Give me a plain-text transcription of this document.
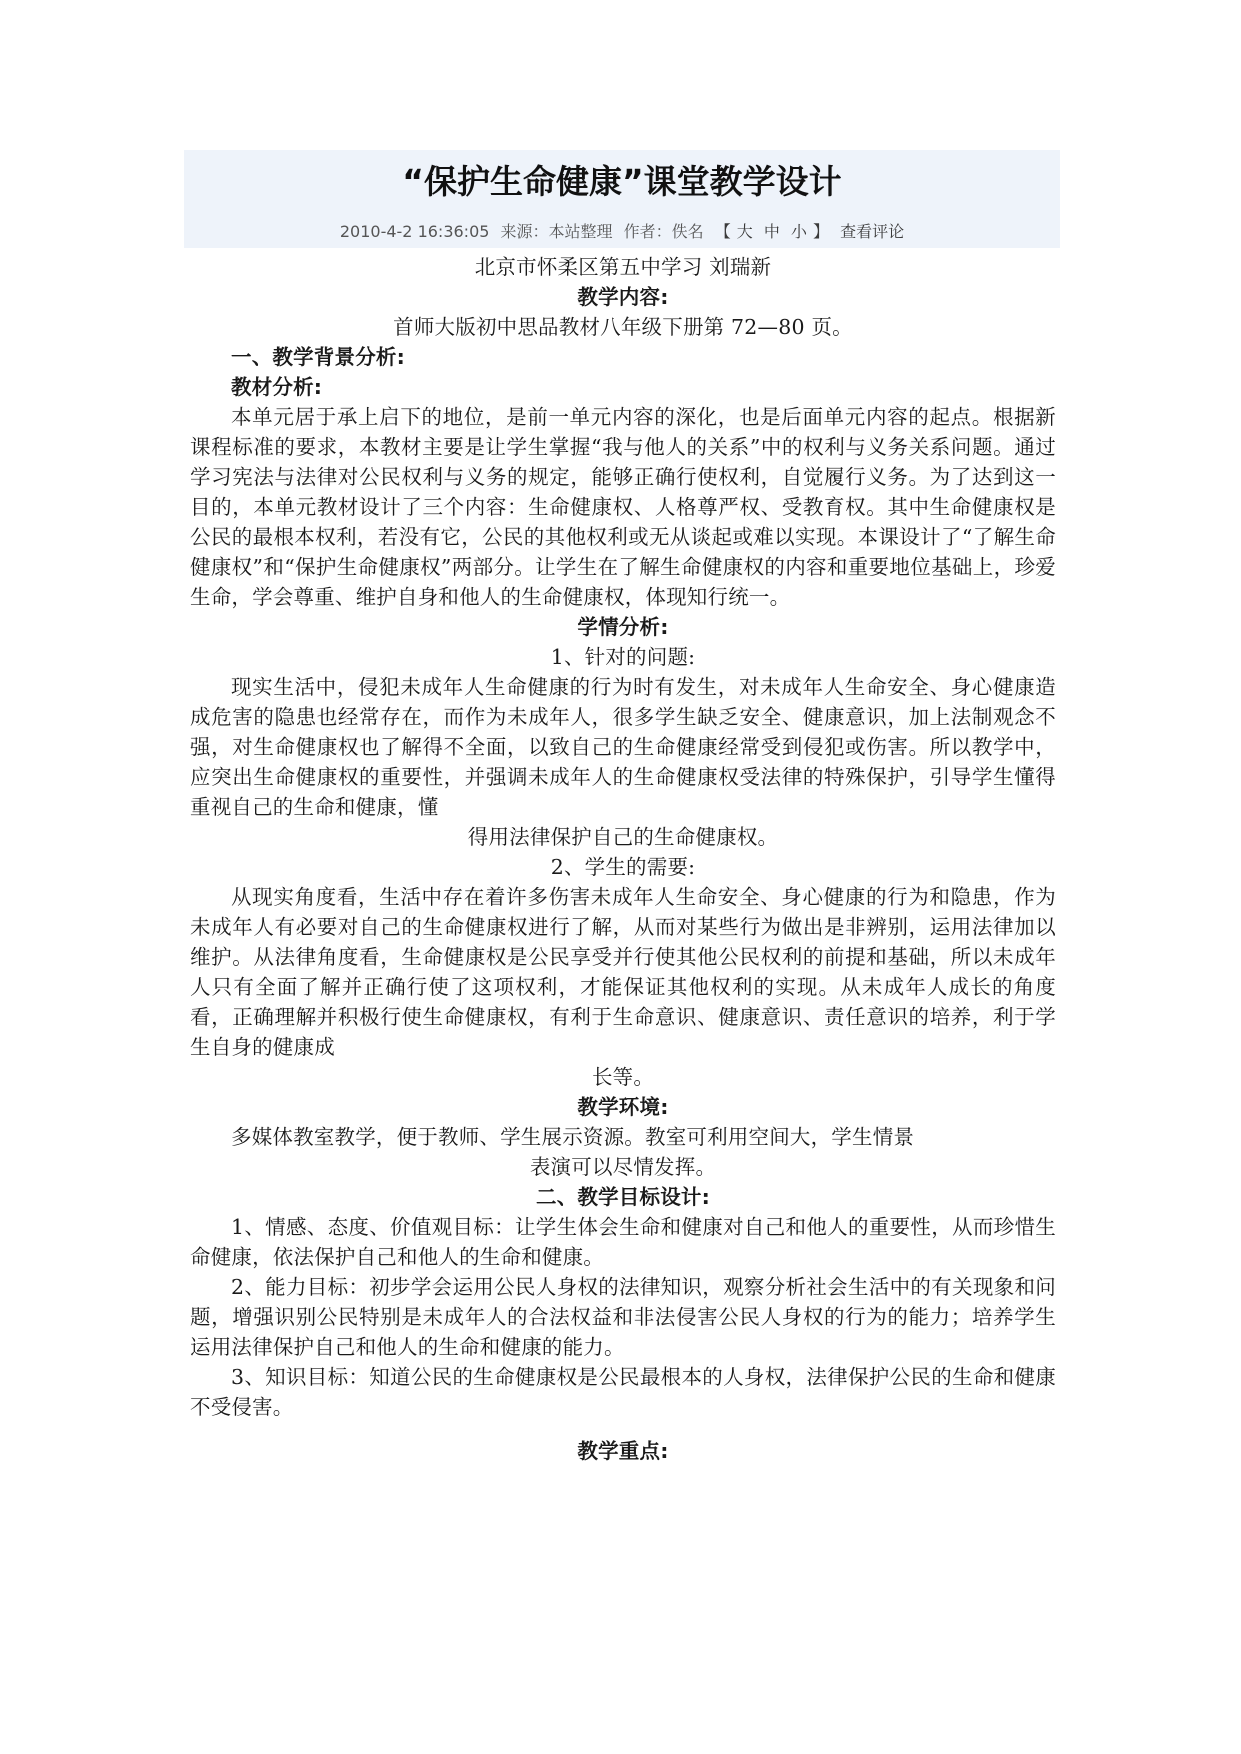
“保护生命健康”课堂教学设计
2010-4-2 16:36:05 来源：本站整理 作者：佚名 【 大 中 小 】 查看评论

北京市怀柔区第五中学习 刘瑞新

教学内容:

首师大版初中思品教材八年级下册第 72—80 页。

一、教学背景分析:

教材分析:

本单元居于承上启下的地位，是前一单元内容的深化，也是后面单元内容的起点。根据新课程标准的要求，本教材主要是让学生掌握“我与他人的关系”中的权利与义务关系问题。通过学习宪法与法律对公民权利与义务的规定，能够正确行使权利，自觉履行义务。为了达到这一目的，本单元教材设计了三个内容：生命健康权、人格尊严权、受教育权。其中生命健康权是公民的最根本权利，若没有它，公民的其他权利或无从谈起或难以实现。本课设计了“了解生命健康权”和“保护生命健康权”两部分。让学生在了解生命健康权的内容和重要地位基础上，珍爱生命，学会尊重、维护自身和他人的生命健康权，体现知行统一。

学情分析:

1、针对的问题:

现实生活中，侵犯未成年人生命健康的行为时有发生，对未成年人生命安全、身心健康造成危害的隐患也经常存在，而作为未成年人，很多学生缺乏安全、健康意识，加上法制观念不强，对生命健康权也了解得不全面，以致自己的生命健康经常受到侵犯或伤害。所以教学中，应突出生命健康权的重要性，并强调未成年人的生命健康权受法律的特殊保护，引导学生懂得重视自己的生命和健康，懂

得用法律保护自己的生命健康权。

2、学生的需要:

从现实角度看，生活中存在着许多伤害未成年人生命安全、身心健康的行为和隐患，作为未成年人有必要对自己的生命健康权进行了解，从而对某些行为做出是非辨别，运用法律加以维护。从法律角度看，生命健康权是公民享受并行使其他公民权利的前提和基础，所以未成年人只有全面了解并正确行使了这项权利，才能保证其他权利的实现。从未成年人成长的角度看，正确理解并积极行使生命健康权，有利于生命意识、健康意识、责任意识的培养，利于学生自身的健康成

长等。

教学环境:

多媒体教室教学，便于教师、学生展示资源。教室可利用空间大，学生情景

表演可以尽情发挥。

二、教学目标设计:

1、情感、态度、价值观目标：让学生体会生命和健康对自己和他人的重要性，从而珍惜生命健康，依法保护自己和他人的生命和健康。

2、能力目标：初步学会运用公民人身权的法律知识，观察分析社会生活中的有关现象和问题，增强识别公民特别是未成年人的合法权益和非法侵害公民人身权的行为的能力；培养学生运用法律保护自己和他人的生命和健康的能力。

3、知识目标：知道公民的生命健康权是公民最根本的人身权，法律保护公民的生命和健康不受侵害。

教学重点:
